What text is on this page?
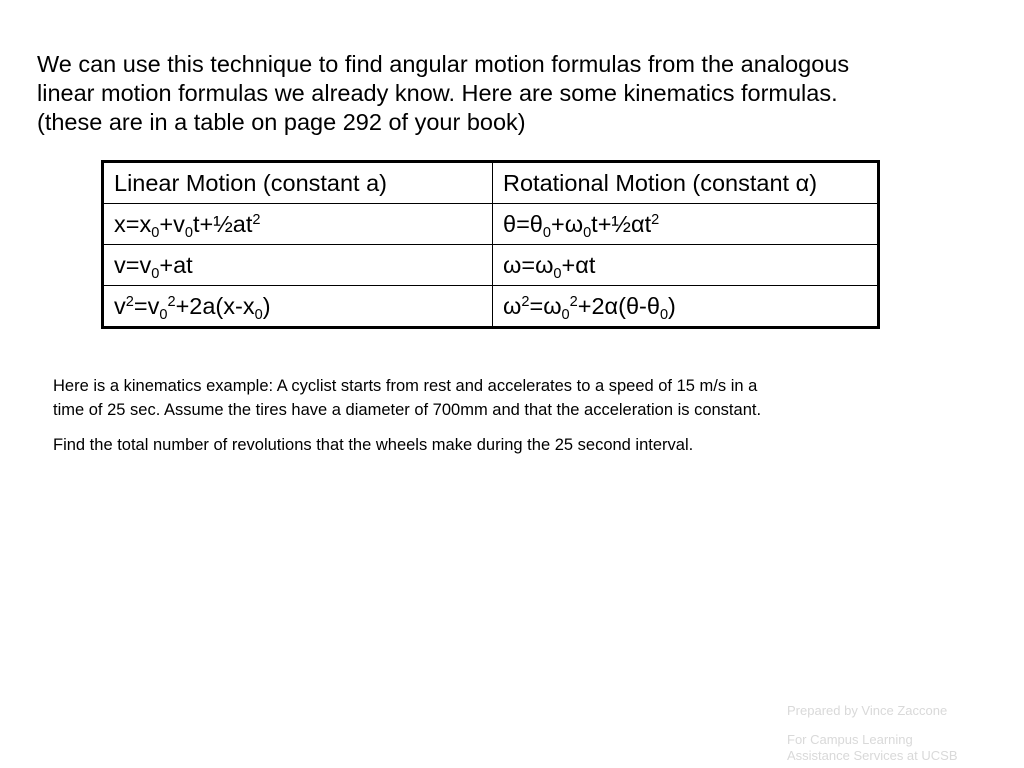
We can use this technique to find angular motion formulas from the analogous
linear motion formulas we already know. Here are some kinematics formulas.
(these are in a table on page 292 of your book)
Linear Motion (constant a)	Rotational Motion (constant α)
$x=x_0+v_0t+\frac{1}{2}at^2$	$\theta=\theta_0+\omega_0t+\frac{1}{2}\alpha t^2$
$v=v_0+at$	$\omega=\omega_0+\alpha t$
$v^2=v_0^2+2a(x-x_0)$	$\omega^2=\omega_0^2+2\alpha(\theta-\theta_0)$

Here is a kinematics example: A cyclist starts from rest and accelerates to a speed of 15 m/s in a
time of 25 sec. Assume the tires have a diameter of 700mm and that the acceleration is constant.

Find the total number of revolutions that the wheels make during the 25 second interval.

Prepared by Vince Zaccone
For Campus Learning
Assistance Services at UCSB
